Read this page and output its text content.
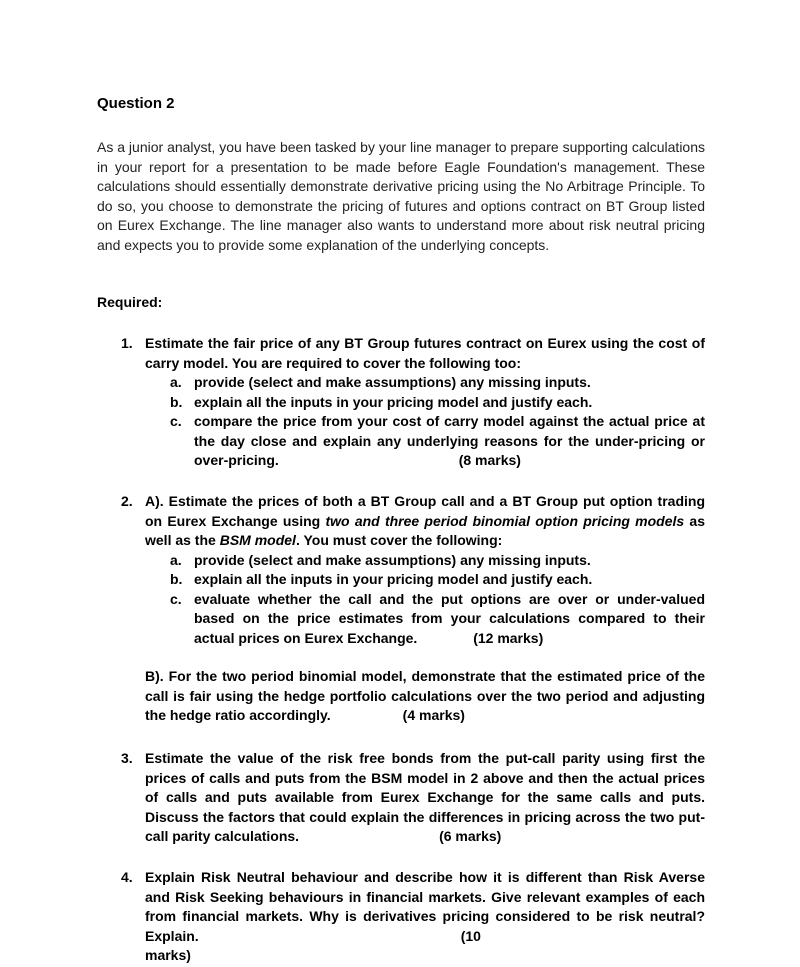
Question 2

As a junior analyst, you have been tasked by your line manager to prepare supporting calculations in your report for a presentation to be made before Eagle Foundation's management. These calculations should essentially demonstrate derivative pricing using the No Arbitrage Principle. To do so, you choose to demonstrate the pricing of futures and options contract on BT Group listed on Eurex Exchange. The line manager also wants to understand more about risk neutral pricing and expects you to provide some explanation of the underlying concepts.

Required:

1. Estimate the fair price of any BT Group futures contract on Eurex using the cost of carry model. You are required to cover the following too:

a. provide (select and make assumptions) any missing inputs.
b. explain all the inputs in your pricing model and justify each.
c. compare the price from your cost of carry model against the actual price at the day close and explain any underlying reasons for the under-pricing or over-pricing.	(8 marks)
2. A). Estimate the prices of both a BT Group call and a BT Group put option trading on Eurex Exchange using two and three period binomial option pricing models as well as the BSM model. You must cover the following:

a. provide (select and make assumptions) any missing inputs.
b. explain all the inputs in your pricing model and justify each.
c. evaluate whether the call and the put options are over or under-valued based on the price estimates from your calculations compared to their actual prices on Eurex Exchange.	(12 marks)

B). For the two period binomial model, demonstrate that the estimated price of the call is fair using the hedge portfolio calculations over the two period and adjusting the hedge ratio accordingly.	(4 marks)

3. Estimate the value of the risk free bonds from the put-call parity using first the prices of calls and puts from the BSM model in 2 above and then the actual prices of calls and puts available from Eurex Exchange for the same calls and puts. Discuss the factors that could explain the differences in pricing across the two put-call parity calculations.	(6 marks)

4. Explain Risk Neutral behaviour and describe how it is different than Risk Averse and Risk Seeking behaviours in financial markets. Give relevant examples of each from financial markets. Why is derivatives pricing considered to be risk neutral? Explain.	(10
marks)
